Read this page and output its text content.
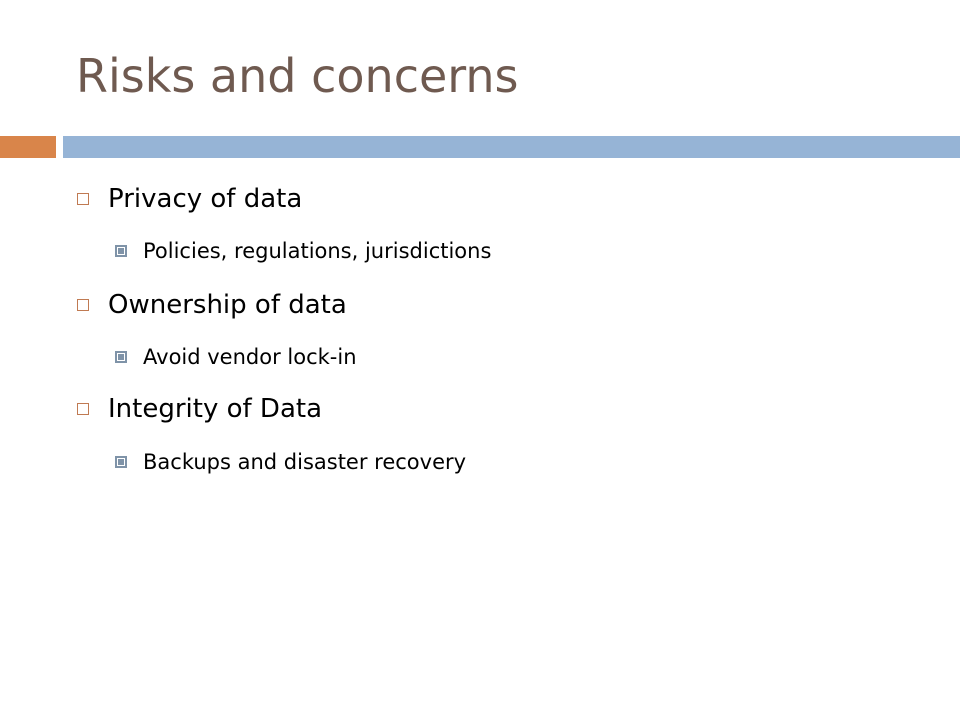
Risks and concerns
Privacy of data
Policies, regulations, jurisdictions
Ownership of data
Avoid vendor lock-in
Integrity of Data
Backups and disaster recovery
